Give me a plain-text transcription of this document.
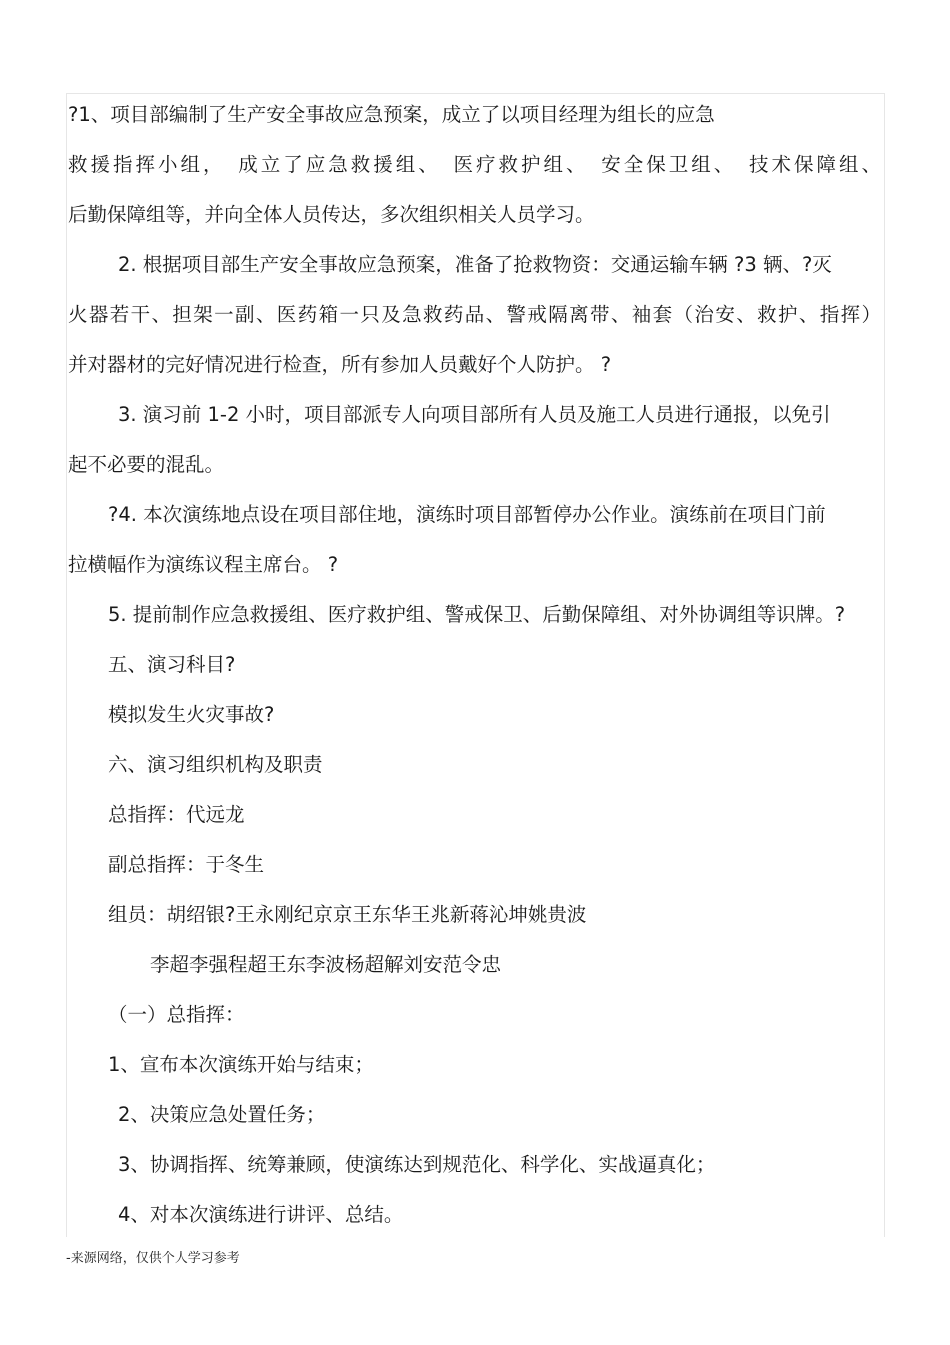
?1、项目部编制了生产安全事故应急预案，成立了以项目经理为组长的应急
救援指挥小组，　成立了应急救援组、　医疗救护组、　安全保卫组、　技术保障组、
后勤保障组等，并向全体人员传达，多次组织相关人员学习。
2. 根据项目部生产安全事故应急预案，准备了抢救物资：交通运输车辆 ?3 辆、?灭
火器若干、担架一副、医药箱一只及急救药品、警戒隔离带、袖套（治安、救护、指挥）
并对器材的完好情况进行检查，所有参加人员戴好个人防护。 ?
3. 演习前 1-2 小时，项目部派专人向项目部所有人员及施工人员进行通报，以免引
起不必要的混乱。
?4. 本次演练地点设在项目部住地，演练时项目部暂停办公作业。演练前在项目门前
拉横幅作为演练议程主席台。 ?
5. 提前制作应急救援组、医疗救护组、警戒保卫、后勤保障组、对外协调组等识牌。?
五、演习科目?
模拟发生火灾事故?
六、演习组织机构及职责
总指挥：代远龙
副总指挥：于冬生
组员：胡绍银?王永刚纪京京王东华王兆新蒋沁坤姚贵波
李超李强程超王东李波杨超解刘安范令忠
（一）总指挥：
1、宣布本次演练开始与结束；
2、决策应急处置任务；
3、协调指挥、统筹兼顾，使演练达到规范化、科学化、实战逼真化；
4、对本次演练进行讲评、总结。
-来源网络，仅供个人学习参考
